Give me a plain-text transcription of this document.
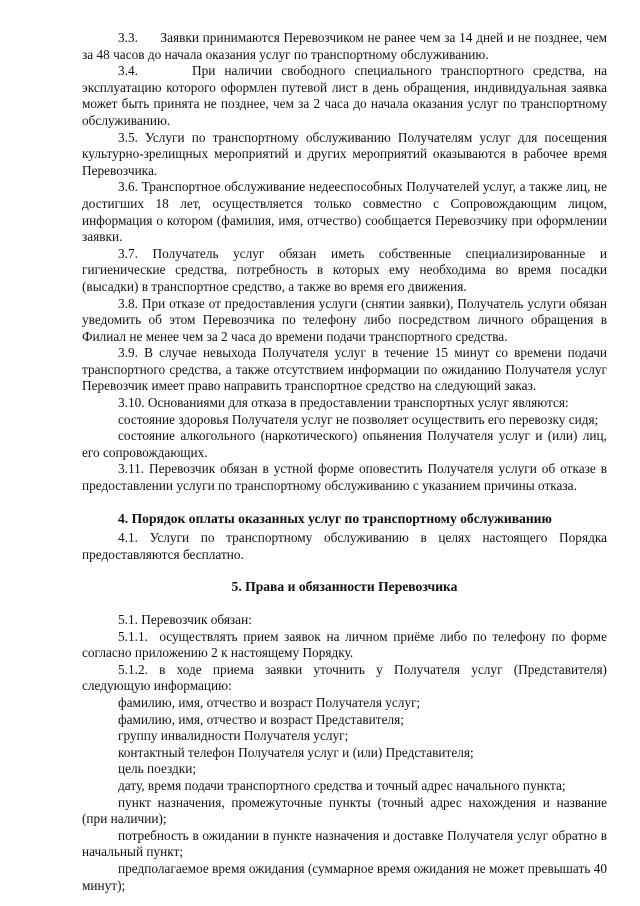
3.3.      Заявки принимаются Перевозчиком не ранее чем за 14 дней и не позднее, чем за 48 часов до начала оказания услуг по транспортному обслуживанию.

3.4.      При наличии свободного специального транспортного средства, на эксплуатацию которого оформлен путевой лист в день обращения, индивидуальная заявка может быть принята не позднее, чем за 2 часа до начала оказания услуг по транспортному обслуживанию.

3.5. Услуги по транспортному обслуживанию Получателям услуг для посещения культурно-зрелищных мероприятий и других мероприятий оказываются в рабочее время Перевозчика.

3.6. Транспортное обслуживание недееспособных Получателей услуг, а также лиц, не достигших 18 лет, осуществляется только совместно с Сопровождающим лицом, информация о котором (фамилия, имя, отчество) сообщается Перевозчику при оформлении заявки.

3.7. Получатель услуг обязан иметь собственные специализированные и гигиенические средства, потребность в которых ему необходима во время посадки (высадки) в транспортное средство, а также во время его движения.

3.8. При отказе от предоставления услуги (снятии заявки), Получатель услуги обязан уведомить об этом Перевозчика по телефону либо посредством личного обращения в Филиал не менее чем за 2 часа до времени подачи транспортного средства.

3.9. В случае невыхода Получателя услуг в течение 15 минут со времени подачи транспортного средства, а также отсутствием информации по ожиданию Получателя услуг Перевозчик имеет право направить транспортное средство на следующий заказ.

3.10. Основаниями для отказа в предоставлении транспортных услуг являются:

состояние здоровья Получателя услуг не позволяет осуществить его перевозку сидя;

состояние алкогольного (наркотического) опьянения Получателя услуг и (или) лиц, его сопровождающих.

3.11. Перевозчик обязан в устной форме оповестить Получателя услуги об отказе в предоставлении услуги по транспортному обслуживанию с указанием причины отказа.

4. Порядок оплаты оказанных услуг по транспортному обслуживанию

4.1. Услуги по транспортному обслуживанию в целях настоящего Порядка предоставляются бесплатно.

5. Права и обязанности Перевозчика

5.1. Перевозчик обязан:

5.1.1.  осуществлять прием заявок на личном приёме либо по телефону по форме согласно приложению 2 к настоящему Порядку.

5.1.2. в ходе приема заявки уточнить у Получателя услуг (Представителя) следующую информацию:

фамилию, имя, отчество и возраст Получателя услуг;

фамилию, имя, отчество и возраст Представителя;

группу инвалидности Получателя услуг;

контактный телефон Получателя услуг и (или) Представителя;

цель поездки;

дату, время подачи транспортного средства и точный адрес начального пункта;

пункт назначения, промежуточные пункты (точный адрес нахождения и название (при наличии);

потребность в ожидании в пункте назначения и доставке Получателя услуг обратно в начальный пункт;

предполагаемое время ожидания (суммарное время ожидания не может превышать 40 минут);
